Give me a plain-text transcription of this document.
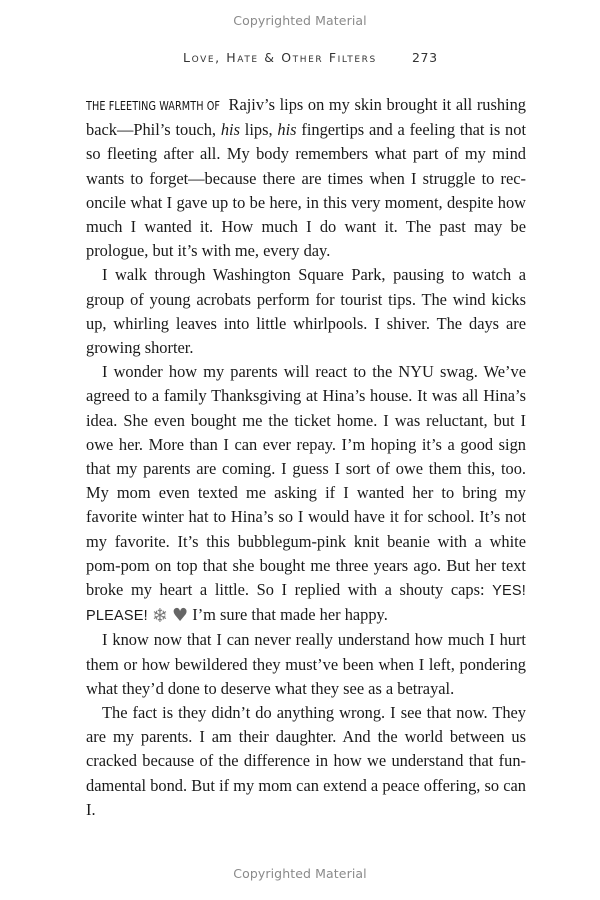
Copyrighted Material
Love, Hate & Other Filters	273

THE FLEETING WARMTH OF Rajiv’s lips on my skin brought it all rushing back—Phil’s touch, his lips, his fingertips and a feeling that is not so fleeting after all. My body remembers what part of my mind wants to forget—because there are times when I struggle to reconcile what I gave up to be here, in this very moment, despite how much I wanted it. How much I do want it. The past may be prologue, but it’s with me, every day.

I walk through Washington Square Park, pausing to watch a group of young acrobats perform for tourist tips. The wind kicks up, whirling leaves into little whirlpools. I shiver. The days are growing shorter.

I wonder how my parents will react to the NYU swag. We’ve agreed to a family Thanksgiving at Hina’s house. It was all Hina’s idea. She even bought me the ticket home. I was reluctant, but I owe her. More than I can ever repay. I’m hoping it’s a good sign that my parents are coming. I guess I sort of owe them this, too. My mom even texted me asking if I wanted her to bring my favorite winter hat to Hina’s so I would have it for school. It’s not my favorite. It’s this bubblegum-pink knit beanie with a white pom-pom on top that she bought me three years ago. But her text broke my heart a little. So I replied with a shouty caps: YES! PLEASE! ❄ ♥ I’m sure that made her happy.

I know now that I can never really understand how much I hurt them or how bewildered they must’ve been when I left, pondering what they’d done to deserve what they see as a betrayal.

The fact is they didn’t do anything wrong. I see that now. They are my parents. I am their daughter. And the world between us cracked because of the difference in how we understand that fundamental bond. But if my mom can extend a peace offering, so can I.

Copyrighted Material
